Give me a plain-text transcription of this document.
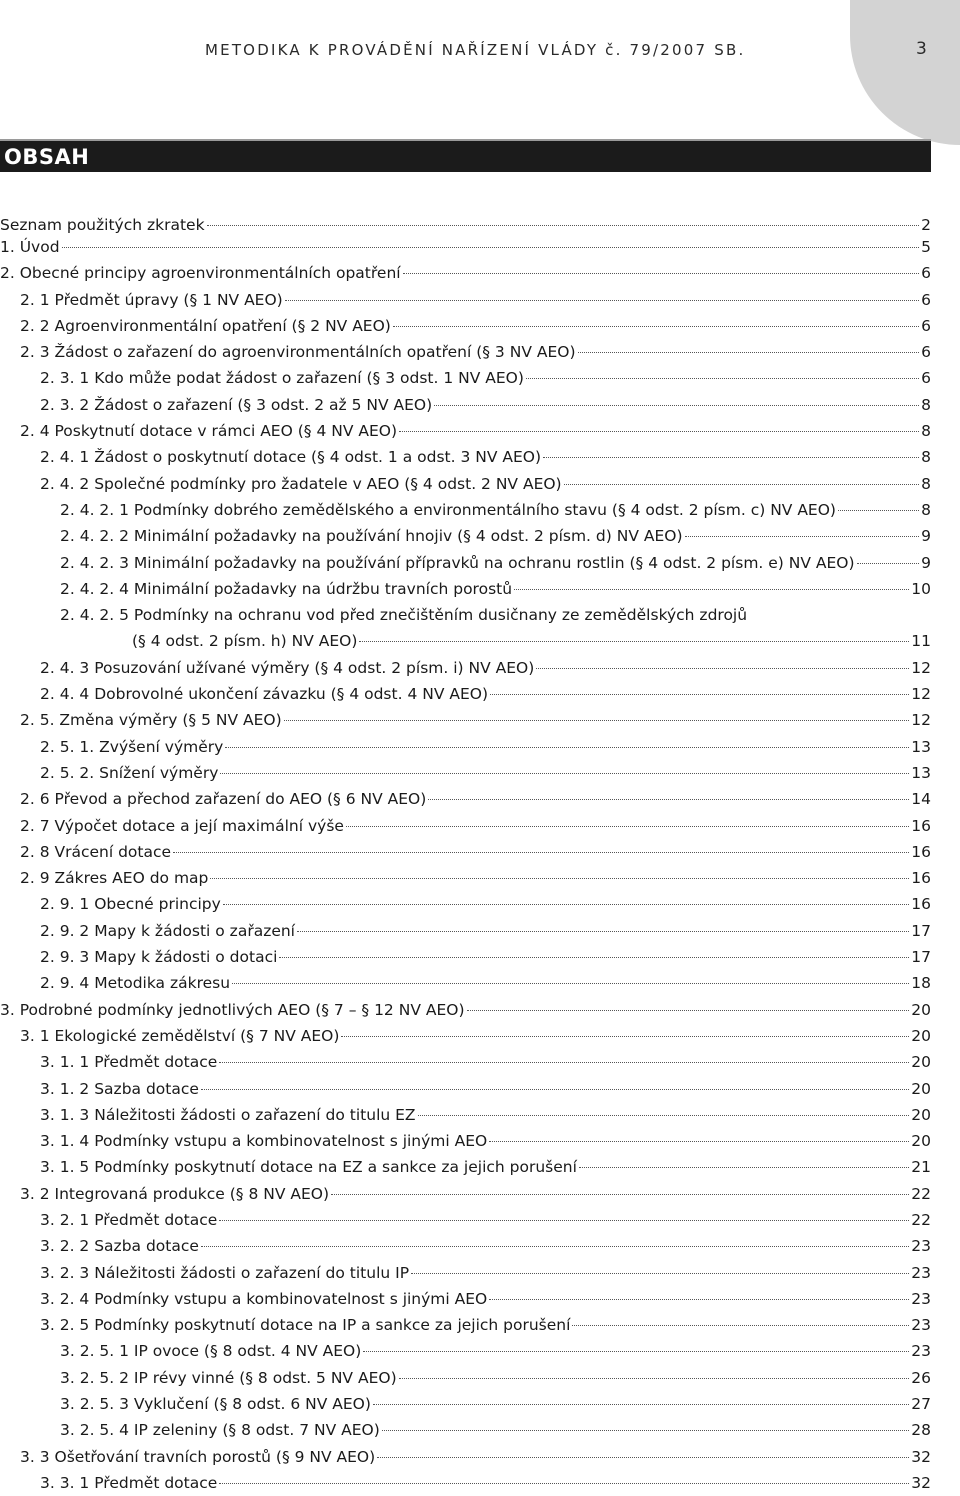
METODIKA K PROVÁDĚNÍ NAŘÍZENÍ VLÁDY č. 79/2007 SB.	3
OBSAH
Seznam použitých zkratek	2
1. Úvod	5
2. Obecné principy agroenvironmentálních opatření	6
2. 1 Předmět úpravy (§ 1 NV AEO)	6
2. 2 Agroenvironmentální opatření (§ 2 NV AEO)	6
2. 3 Žádost o zařazení do agroenvironmentálních opatření (§ 3 NV AEO)	6
2. 3. 1 Kdo může podat žádost o zařazení (§ 3 odst. 1 NV AEO)	6
2. 3. 2 Žádost o zařazení (§ 3 odst. 2 až 5 NV AEO)	8
2. 4 Poskytnutí dotace v rámci AEO (§ 4 NV AEO)	8
2. 4. 1 Žádost o poskytnutí dotace (§ 4 odst. 1 a odst. 3 NV AEO)	8
2. 4. 2 Společné podmínky pro žadatele v AEO (§ 4 odst. 2 NV AEO)	8
2. 4. 2. 1 Podmínky dobrého zemědělského a environmentálního stavu (§ 4 odst. 2 písm. c) NV AEO)	8
2. 4. 2. 2 Minimální požadavky na používání hnojiv (§ 4 odst. 2 písm. d) NV AEO)	9
2. 4. 2. 3 Minimální požadavky na používání přípravků na ochranu rostlin (§ 4 odst. 2 písm. e) NV AEO)	9
2. 4. 2. 4 Minimální požadavky na údržbu travních porostů	10
2. 4. 2. 5 Podmínky na ochranu vod před znečištěním dusičnany ze zemědělských zdrojů
(§ 4 odst. 2 písm. h) NV AEO)	11
2. 4. 3 Posuzování užívané výměry (§ 4 odst. 2 písm. i) NV AEO)	12
2. 4. 4 Dobrovolné ukončení závazku (§ 4 odst. 4 NV AEO)	12
2. 5. Změna výměry (§ 5 NV AEO)	12
2. 5. 1. Zvýšení výměry	13
2. 5. 2. Snížení výměry	13
2. 6 Převod a přechod zařazení do AEO (§ 6 NV AEO)	14
2. 7 Výpočet dotace a její maximální výše	16
2. 8 Vrácení dotace	16
2. 9 Zákres AEO do map	16
2. 9. 1 Obecné principy	16
2. 9. 2 Mapy k žádosti o zařazení	17
2. 9. 3 Mapy k žádosti o dotaci	17
2. 9. 4 Metodika zákresu	18
3. Podrobné podmínky jednotlivých AEO (§ 7 – § 12 NV AEO)	20
3. 1 Ekologické zemědělství (§ 7 NV AEO)	20
3. 1. 1 Předmět dotace	20
3. 1. 2 Sazba dotace	20
3. 1. 3 Náležitosti žádosti o zařazení do titulu EZ	20
3. 1. 4 Podmínky vstupu a kombinovatelnost s jinými AEO	20
3. 1. 5 Podmínky poskytnutí dotace na EZ a sankce za jejich porušení	21
3. 2 Integrovaná produkce (§ 8 NV AEO)	22
3. 2. 1 Předmět dotace	22
3. 2. 2 Sazba dotace	23
3. 2. 3 Náležitosti žádosti o zařazení do titulu IP	23
3. 2. 4 Podmínky vstupu a kombinovatelnost s jinými AEO	23
3. 2. 5 Podmínky poskytnutí dotace na IP a sankce za jejich porušení	23
3. 2. 5. 1 IP ovoce (§ 8 odst. 4 NV AEO)	23
3. 2. 5. 2 IP révy vinné (§ 8 odst. 5 NV AEO)	26
3. 2. 5. 3 Vyklučení (§ 8 odst. 6 NV AEO)	27
3. 2. 5. 4 IP zeleniny (§ 8 odst. 7 NV AEO)	28
3. 3 Ošetřování travních porostů (§ 9 NV AEO)	32
3. 3. 1 Předmět dotace	32
